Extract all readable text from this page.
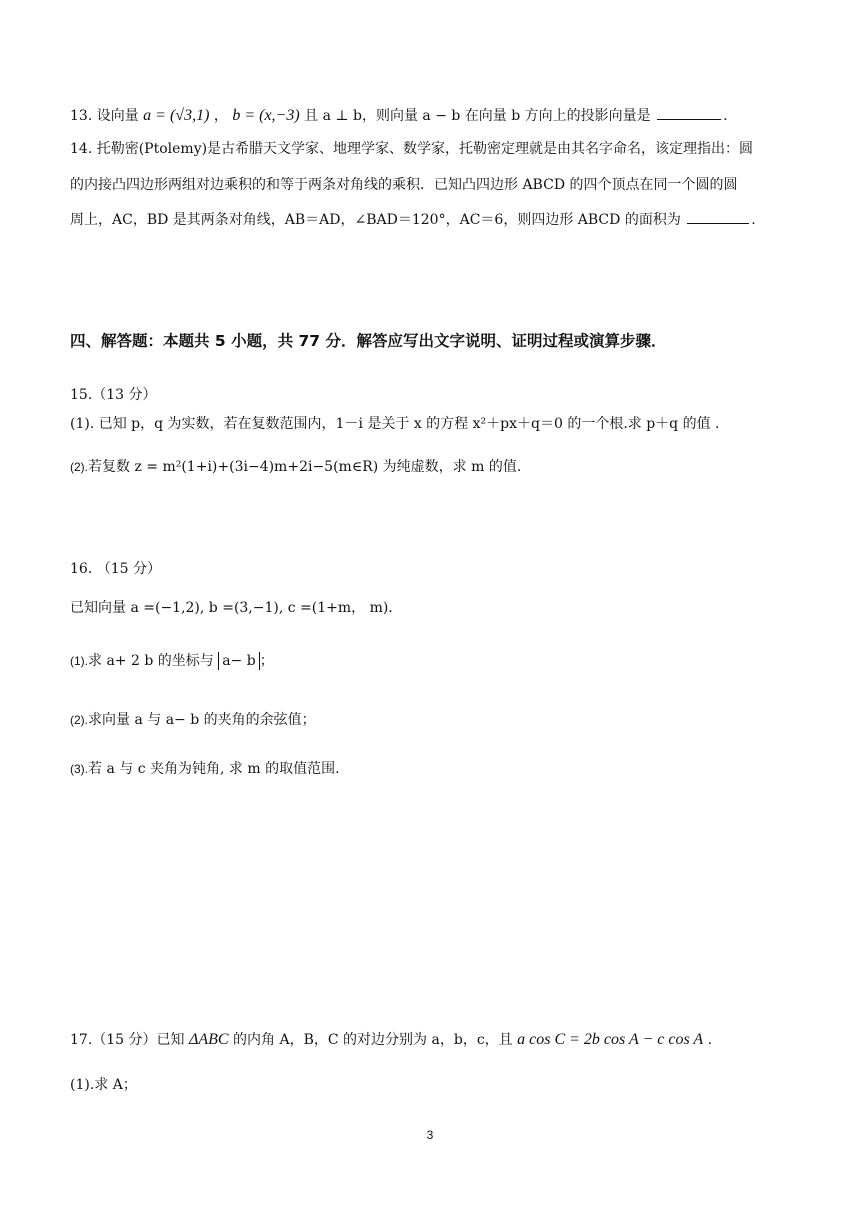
13. 设向量 a = (√3,1) ， b = (x,−3) 且 a ⊥ b，则向量 a − b 在向量 b 方向上的投影向量是	.
14. 托勒密(Ptolemy)是古希腊天文学家、地理学家、数学家，托勒密定理就是由其名字命名，该定理指出：圆
的内接凸四边形两组对边乘积的和等于两条对角线的乘积．已知凸四边形 ABCD 的四个顶点在同一个圆的圆
周上，AC，BD 是其两条对角线，AB＝AD，∠BAD＝120°，AC＝6，则四边形 ABCD 的面积为	.
四、解答题：本题共 5 小题，共 77 分．解答应写出文字说明、证明过程或演算步骤．
15.（13 分）
(1). 已知 p，q 为实数，若在复数范围内，1－i 是关于 x 的方程 x²＋px＋q＝0 的一个根.求 p＋q 的值 .
(2).若复数 z = m²(1+i)+(3i−4)m+2i−5(m∈R) 为纯虚数，求 m 的值.
16. （15 分）
已知向量 a =(−1,2), b =(3,−1), c =(1+m， m)．
(1).求 a+ 2 b 的坐标与 a− b ；
(2).求向量 a 与 a− b 的夹角的余弦值；
(3).若 a 与 c 夹角为钝角, 求 m 的取值范围.
17.（15 分）已知 ΔABC 的内角 A，B，C 的对边分别为 a，b，c，且 a cos C = 2b cos A − c cos A .
(1).求 A；
3
